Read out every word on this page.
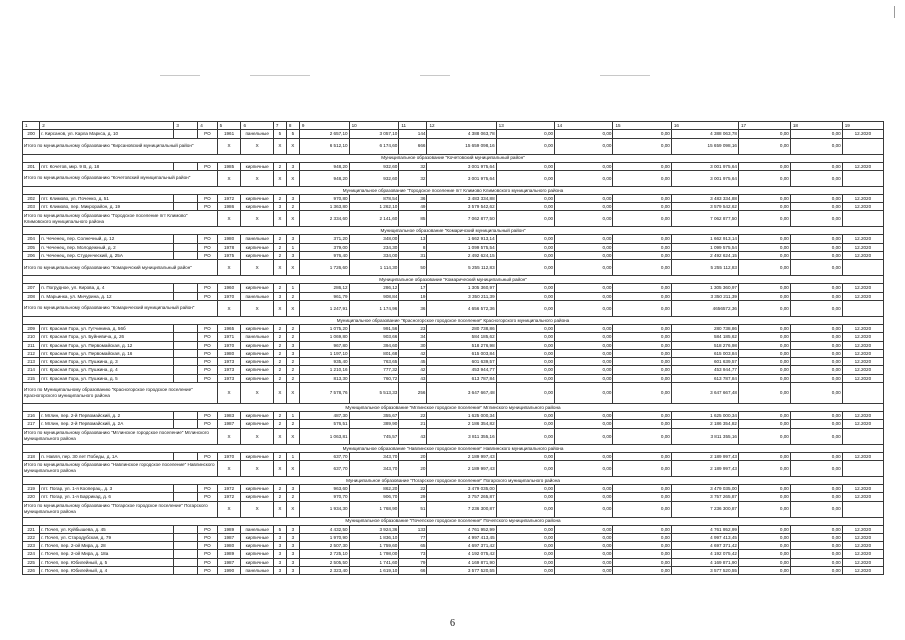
1	2	3	4	5	6	7	8	9	10	11	12	13	14	15	16	17	18	19
200	г. Кирсанов, ул. Карла Маркса, д. 10		РО	1961	панельные	5	5	2 657,10	3 057,10	144	4 388 063,78	0,00	0,00	0,00	4 388 063,78	0,00	0,00	12.2020
Итого по муниципальному образованию "Кирсановский муниципальный район"				X	X	X	X	6 512,10	6 174,60	666	15 659 098,16	0,00	0,00	0,00	15 659 098,16	0,00	0,00	
Муниципальное образование "Кочетовский муниципальный район"																		
201	пгт. Кочетов, мкр. 9 В, д. 18		РО	1985	кирпичные	2	3	948,20	932,60	32	3 001 975,64	0,00	0,00	0,00	3 001 975,64	0,00	0,00	12.2020
Итого по муниципальному образованию "Кочетовский муниципальный район"				X	X	X	X	948,20	932,60	32	3 001 975,64	0,00	0,00	0,00	3 001 975,64	0,00	0,00	
Муниципальное образование "Городское поселение пгт Климово Климовского муниципального района																		
202	пгт. Климово, ул. Поченко, д. 51		РО	1972	кирпичные	2	3	970,80	878,54	36	3 483 334,88	0,00	0,00	0,00	3 483 334,88	0,00	0,00	12.2020
203	пгт. Климово, пер. Микрорайон, д. 19		РО	1986	кирпичные	3	2	1 363,80	1 262,10	49	3 579 542,62	0,00	0,00	0,00	3 579 542,62	0,00	0,00	12.2020
Итого по муниципальному образованию "Городское поселение пгт Климово" Климовского муниципального района				X	X	X	X	2 334,60	2 141,60	85	7 062 877,50	0,00	0,00	0,00	7 062 877,50	0,00	0,00	
Муниципальное образование "Комаричский муниципальный район"																		
204	п. Чеченец, пер. Солнечный, д. 12		РО	1980	панельные	2	3	371,20	348,00	13	1 662 913,14	0,00	0,00	0,00	1 662 913,14	0,00	0,00	12.2020
205	п. Чеченец, пер. Молодежный, д. 2		РО	1978	кирпичные	2	1	379,00	234,30	8	1 099 575,54	0,00	0,00	0,00	1 099 575,54	0,00	0,00	12.2020
206	п. Чеченец, пер. Студенческий, д. 25А		РО	1975	кирпичные	2	3	976,40	334,00	31	2 492 624,15	0,00	0,00	0,00	2 492 624,15	0,00	0,00	12.2020
Итого по муниципальному образованию "Комаричский муниципальный район"				X	X	X	X	1 726,60	1 114,30	50	5 255 112,83	0,00	0,00	0,00	5 255 112,83	0,00	0,00	
Муниципальное образование "Комарический муниципальный район"																		
207	п. Погрудное, ул. Кирова, д. 4		РО	1960	кирпичные	2	1	286,12	286,12	17	1 305 360,97	0,00	0,00	0,00	1 305 360,97	0,00	0,00	12.2020
208	п. Марьинка, ул. Мичурина, д. 12		РО	1970	панельные	3	2	961,79	908,84	19	3 350 211,39	0,00	0,00	0,00	3 350 211,39	0,00	0,00	12.2020
Итого по муниципальному образованию "Комарический муниципальный район"				X	X	X	X	1 247,91	1 174,96	36	4 656 572,36	0,00	0,00	0,00	4656572,36	0,00	0,00	
Муниципальное образование "Красногорское городское поселение" Красногорского муниципального района																		
209	пгт. Красная Гора, ул. Гутчинина, д. 56б		РО	1965	кирпичные	2	2	1 075,20	991,56	23	280 738,86	0,00	0,00	0,00	280 738,86	0,00	0,00	12.2020
210	пгт. Красная Гора, ул. Буйневича, д. 26		РО	1971	панельные	2	2	1 069,80	903,66	34	584 185,62	0,00	0,00	0,00	584 185,62	0,00	0,00	12.2020
211	пгт. Красная Гора, ул. Первомайская, д. 12		РО	1970	кирпичные	2	3	967,80	394,60	30	518 276,98	0,00	0,00	0,00	518 276,98	0,00	0,00	12.2020
212	пгт. Красная Гора, ул. Первомайская, д. 16		РО	1980	кирпичные	2	3	1 197,10	801,68	42	615 003,84	0,00	0,00	0,00	615 003,84	0,00	0,00	12.2020
213	пгт. Красная Гора, ул. Пушкина, д. 3		РО	1973	кирпичные	2	2	935,40	763,65	45	601 639,57	0,00	0,00	0,00	601 639,57	0,00	0,00	12.2020
214	пгт. Красная Гора, ул. Пушкина, д. 4		РО	1973	кирпичные	2	2	1 210,16	777,32	42	453 944,77	0,00	0,00	0,00	453 944,77	0,00	0,00	12.2020
215	пгт. Красная Гора, ул. Пушкина, д. 5		РО	1973	кирпичные	2	2	813,30	760,72	43	613 787,84	0,00	0,00	0,00	613 787,84	0,00	0,00	12.2020
Итого по Муниципальному образованию "Красногорское городское поселение" Красногорского муниципального района				X	X	X	X	7 578,76	5 513,33	256	3 647 667,48	0,00	0,00	0,00	3 647 667,48	0,00	0,00	
Муниципальное образование "Мглинское городское поселение" Мглинского муниципального района																		
216	г. Мглин, пер. 2-й Первомайский, д. 2		РО	1983	кирпичные	2	1	487,30	355,67	22	1 625 000,34	0,00	0,00	0,00	1 625 000,34	0,00	0,00	12.2020
217	г. Мглин, пер. 2-й Первомайский, д. 2А		РО	1987	кирпичные	2	2	576,51	389,90	21	2 186 354,82	0,00	0,00	0,00	2 186 354,82	0,00	0,00	12.2020
Итого по муниципальному образованию "Мглинское городское поселение" Мглинского муниципального района				X	X	X	X	1 063,81	745,57	43	3 811 355,16	0,00	0,00	0,00	3 811 355,16	0,00	0,00	
Муниципальное образование "Навлинское городское поселение" Навлинского муниципального района																		
218	п. Навля, пер. 30 лет Победы, д. 1А		РО	1970	кирпичные	2	1	637,70	343,70	20	2 189 997,43	0,00	0,00	0,00	2 189 997,43	0,00	0,00	12.2020
Итого по муниципальному образованию "Навлинское городское поселение" Навлинского муниципального района				X	X	X	X	637,70	343,70	20	2 189 997,43	0,00	0,00	0,00	2 189 997,43	0,00	0,00	
Муниципальное образование "Погарское городское поселение" Погарского муниципального района																		
219	пгт. Погар, ул. 1-я Кооперац., д. 3		РО	1972	кирпичные	2	3	963,60	862,20	22	3 479 035,00	0,00	0,00	0,00	3 479 035,00	0,00	0,00	12.2020
220	пгт. Погар, ул. 1-я Баррикад, д. 6		РО	1972	кирпичные	2	2	970,70	906,70	29	3 757 265,87	0,00	0,00	0,00	3 757 265,87	0,00	0,00	12.2020
Итого по муниципальному образованию "Погарское городское поселение" Погарского муниципального района				X	X	X	X	1 934,30	1 768,90	51	7 236 300,87	0,00	0,00	0,00	7 236 300,87	0,00	0,00	
Муниципальное образование "Почепское городское поселение" Почепского муниципального района																		
221	г. Почеп, ул. Куйбышева, д. 45		РО	1989	панельные	5	3	4 432,50	3 924,36	133	4 761 952,99	0,00	0,00	0,00	4 761 952,99	0,00	0,00	12.2020
222	г. Почеп, ул. Стародубская, д. 79		РО	1987	кирпичные	3	3	1 970,90	1 836,10	77	4 997 413,45	0,00	0,00	0,00	4 997 413,45	0,00	0,00	12.2020
223	г. Почеп, пер. 2-ой Мира, д. 28		РО	1980	кирпичные	3	3	2 507,30	1 759,60	65	4 697 371,42	0,00	0,00	0,00	4 697 371,42	0,00	0,00	12.2020
224	г. Почеп, пер. 2-ой Мира, д. 18а		РО	1989	кирпичные	3	3	2 725,10	1 798,00	73	4 192 075,42	0,00	0,00	0,00	4 192 075,42	0,00	0,00	12.2020
225	г. Почеп, пер. Юбилейный, д. 5		РО	1987	кирпичные	3	3	2 505,50	1 741,60	79	4 169 871,90	0,00	0,00	0,00	4 169 871,90	0,00	0,00	12.2020
226	г. Почеп, пер. Юбилейный, д. 4		РО	1990	панельные	3	3	2 323,40	1 619,10	66	3 577 520,55	0,00	0,00	0,00	3 577 520,55	0,00	0,00	12.2020
6
